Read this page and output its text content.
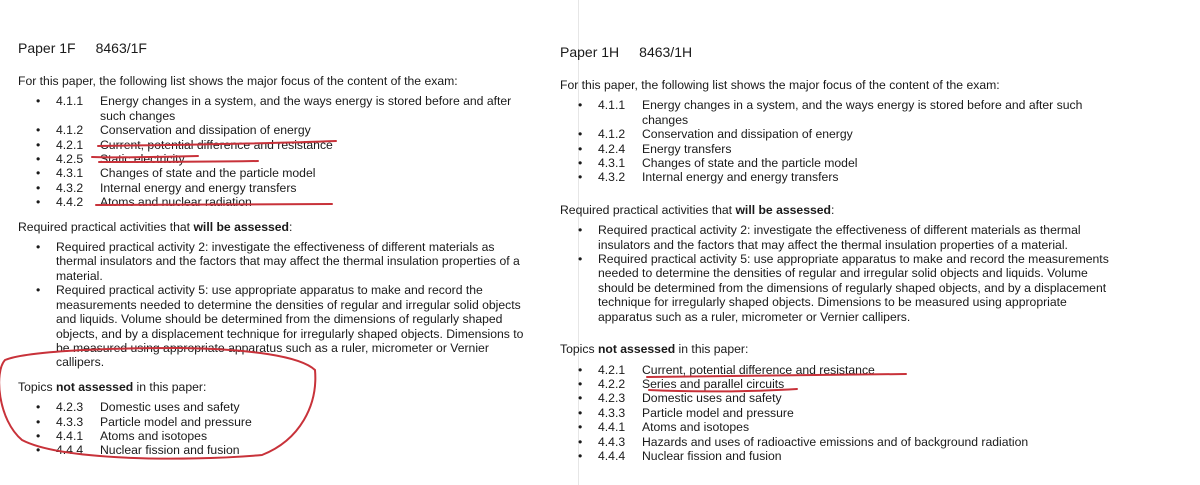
Paper 1F 8463/1F
For this paper, the following list shows the major focus of the content of the exam:
• 4.1.1 Energy changes in a system, and the ways energy is stored before and after such changes
• 4.1.2 Conservation and dissipation of energy
• 4.2.1 Current, potential difference and resistance
• 4.2.5 Static electricity
• 4.3.1 Changes of state and the particle model
• 4.3.2 Internal energy and energy transfers
• 4.4.2 Atoms and nuclear radiation
Required practical activities that will be assessed:
• Required practical activity 2: investigate the effectiveness of different materials as thermal insulators and the factors that may affect the thermal insulation properties of a material.
• Required practical activity 5: use appropriate apparatus to make and record the measurements needed to determine the densities of regular and irregular solid objects and liquids. Volume should be determined from the dimensions of regularly shaped objects, and by a displacement technique for irregularly shaped objects. Dimensions to be measured using appropriate apparatus such as a ruler, micrometer or Vernier callipers.
Topics not assessed in this paper:
• 4.2.3 Domestic uses and safety
• 4.3.3 Particle model and pressure
• 4.4.1 Atoms and isotopes
• 4.4.4 Nuclear fission and fusion
Paper 1H 8463/1H
For this paper, the following list shows the major focus of the content of the exam:
• 4.1.1 Energy changes in a system, and the ways energy is stored before and after such changes
• 4.1.2 Conservation and dissipation of energy
• 4.2.4 Energy transfers
• 4.3.1 Changes of state and the particle model
• 4.3.2 Internal energy and energy transfers
Required practical activities that will be assessed:
• Required practical activity 2: investigate the effectiveness of different materials as thermal insulators and the factors that may affect the thermal insulation properties of a material.
• Required practical activity 5: use appropriate apparatus to make and record the measurements needed to determine the densities of regular and irregular solid objects and liquids. Volume should be determined from the dimensions of regularly shaped objects, and by a displacement technique for irregularly shaped objects. Dimensions to be measured using appropriate apparatus such as a ruler, micrometer or Vernier callipers.
Topics not assessed in this paper:
• 4.2.1 Current, potential difference and resistance
• 4.2.2 Series and parallel circuits
• 4.2.3 Domestic uses and safety
• 4.3.3 Particle model and pressure
• 4.4.1 Atoms and isotopes
• 4.4.3 Hazards and uses of radioactive emissions and of background radiation
• 4.4.4 Nuclear fission and fusion
